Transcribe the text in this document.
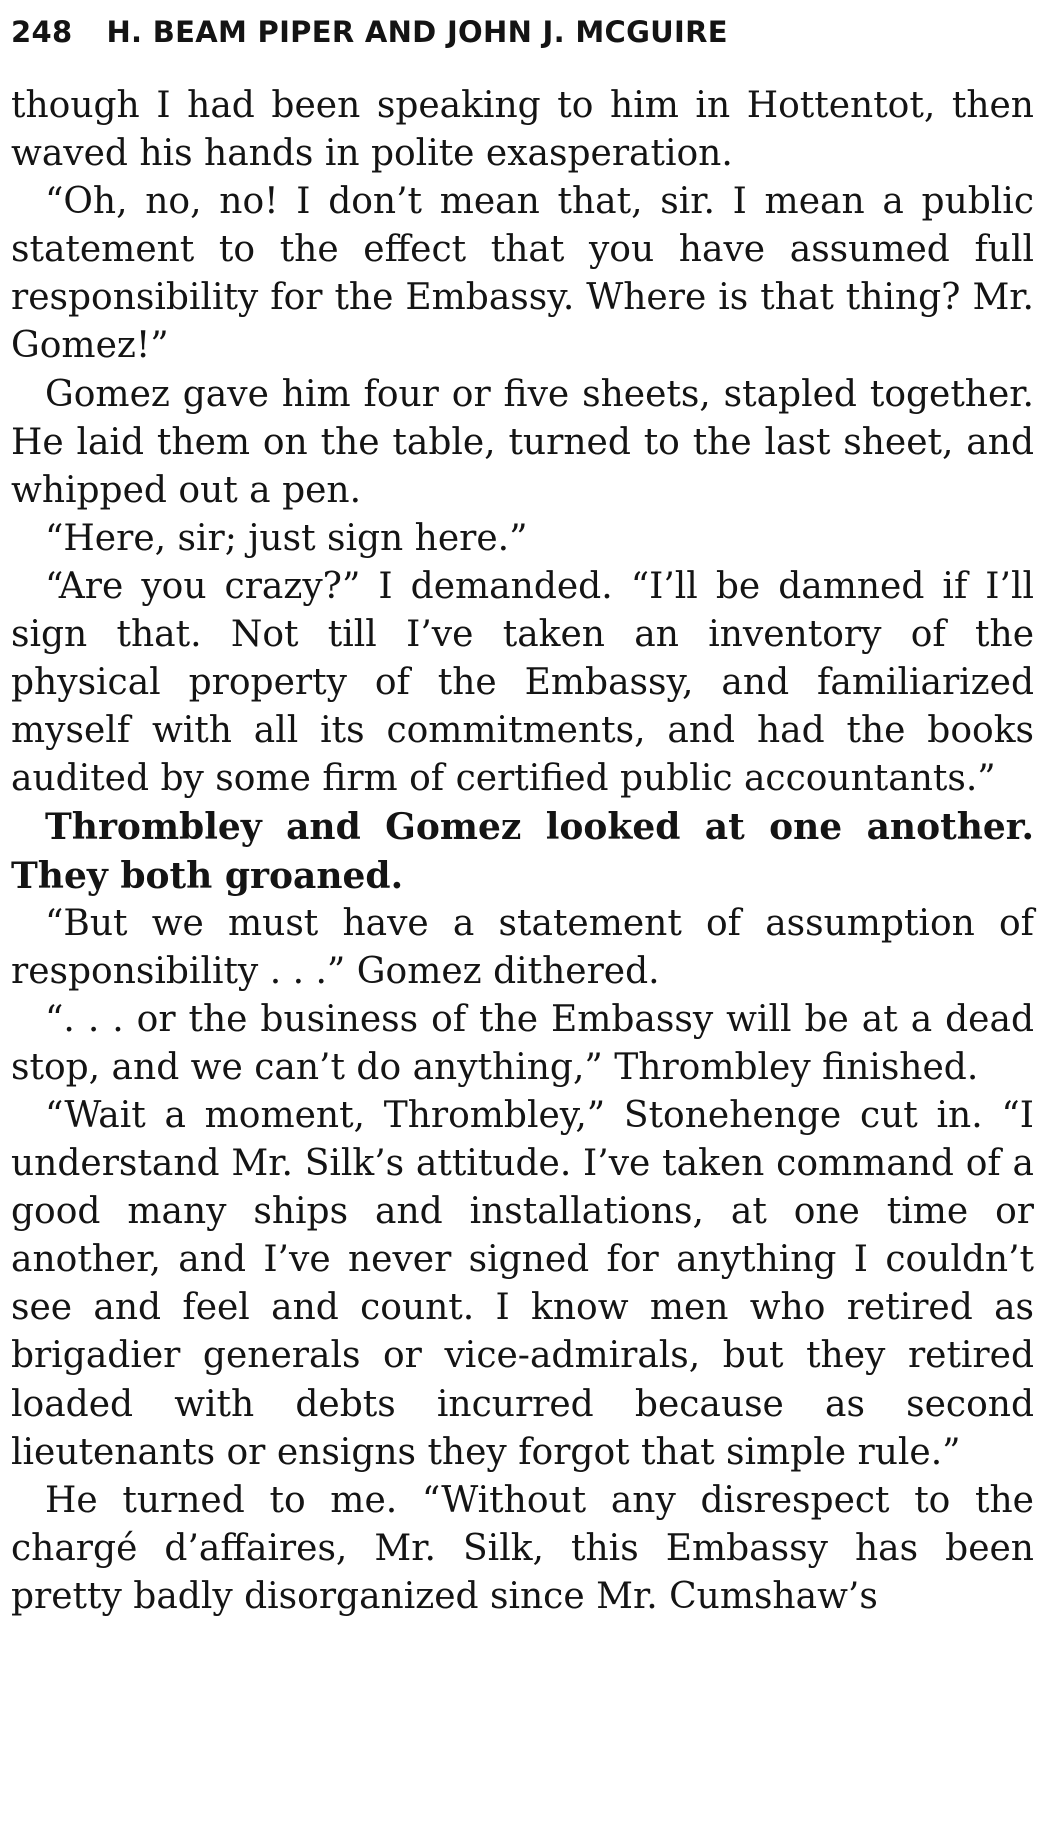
248 H. BEAM PIPER AND JOHN J. MCGUIRE

though I had been speaking to him in Hottentot, then waved his hands in polite exasperation.

“Oh, no, no! I don’t mean that, sir. I mean a public statement to the effect that you have assumed full responsibility for the Embassy. Where is that thing? Mr. Gomez!”

Gomez gave him four or five sheets, stapled together. He laid them on the table, turned to the last sheet, and whipped out a pen.

“Here, sir; just sign here.”

“Are you crazy?” I demanded. “I’ll be damned if I’ll sign that. Not till I’ve taken an inventory of the physical property of the Embassy, and familiarized myself with all its commitments, and had the books audited by some firm of certified public accountants.”

Thrombley and Gomez looked at one another. They both groaned.

“But we must have a statement of assumption of responsibility . . .” Gomez dithered.

“. . . or the business of the Embassy will be at a dead stop, and we can’t do anything,” Thrombley finished.

“Wait a moment, Thrombley,” Stonehenge cut in. “I understand Mr. Silk’s attitude. I’ve taken command of a good many ships and installations, at one time or another, and I’ve never signed for anything I couldn’t see and feel and count. I know men who retired as brigadier generals or vice-admirals, but they retired loaded with debts incurred because as second lieutenants or ensigns they forgot that simple rule.”

He turned to me. “Without any disrespect to the chargé d’affaires, Mr. Silk, this Embassy has been pretty badly disorganized since Mr. Cumshaw’s
